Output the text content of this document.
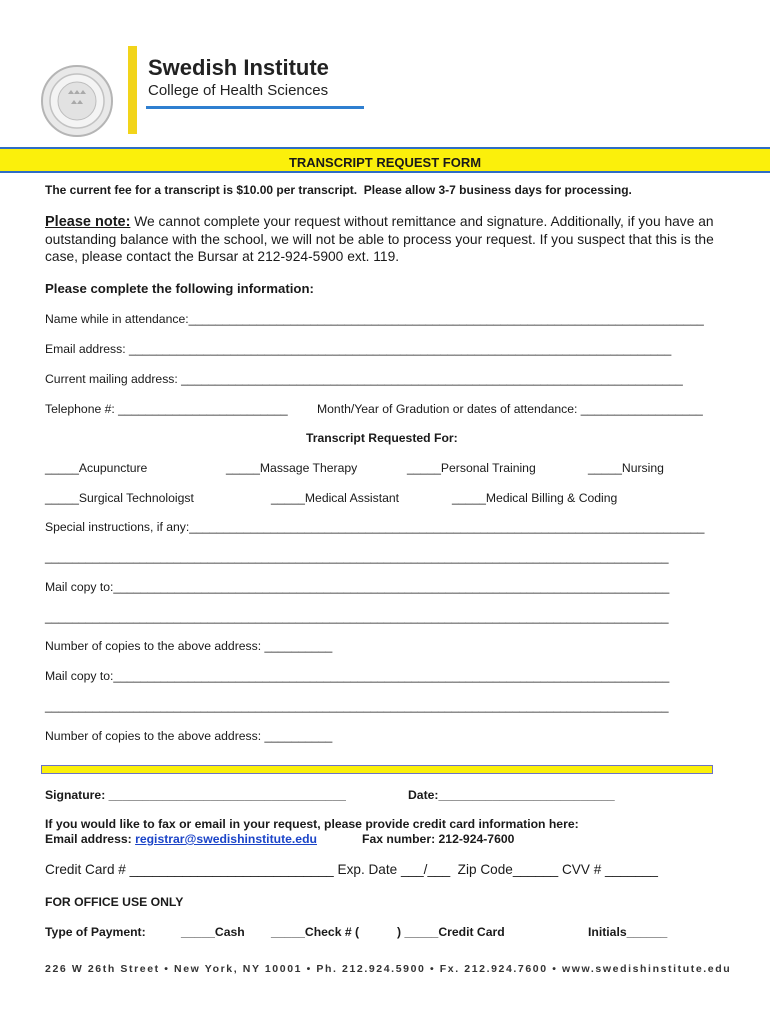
Swedish Institute
College of Health Sciences
TRANSCRIPT REQUEST FORM
The current fee for a transcript is $10.00 per transcript.  Please allow 3-7 business days for processing.
Please note: We cannot complete your request without remittance and signature. Additionally, if you have an outstanding balance with the school, we will not be able to process your request. If you suspect that this is the case, please contact the Bursar at 212-924-5900 ext. 119.
Please complete the following information:
Name while in attendance:____________________________________________________________________________
Email address: ________________________________________________________________________________
Current mailing address: __________________________________________________________________________
Telephone #: _________________________ Month/Year of Gradution or dates of attendance: __________________
Transcript Requested For:
_____Acupuncture	_____Massage Therapy	_____Personal Training	_____Nursing
_____Surgical Technoloigst	_____Medical Assistant	_____Medical Billing & Coding
Special instructions, if any:____________________________________________________________________________
____________________________________________________________________________________________
Mail copy to:__________________________________________________________________________________
____________________________________________________________________________________________
Number of copies to the above address: __________
Mail copy to:__________________________________________________________________________________
____________________________________________________________________________________________
Number of copies to the above address: __________
Signature: ___________________________________	Date:__________________________
If you would like to fax or email in your request, please provide credit card information here:
Email address: registrar@swedishinstitute.edu	Fax number: 212-924-7600
Credit Card # ___________________________ Exp. Date ___/___  Zip Code______ CVV # _______
FOR OFFICE USE ONLY
Type of Payment:	_____Cash _____Check # (	) _____Credit Card	Initials______
226 W 26th Street • New York, NY 10001 • Ph. 212.924.5900 • Fx. 212.924.7600 • www.swedishinstitute.edu
